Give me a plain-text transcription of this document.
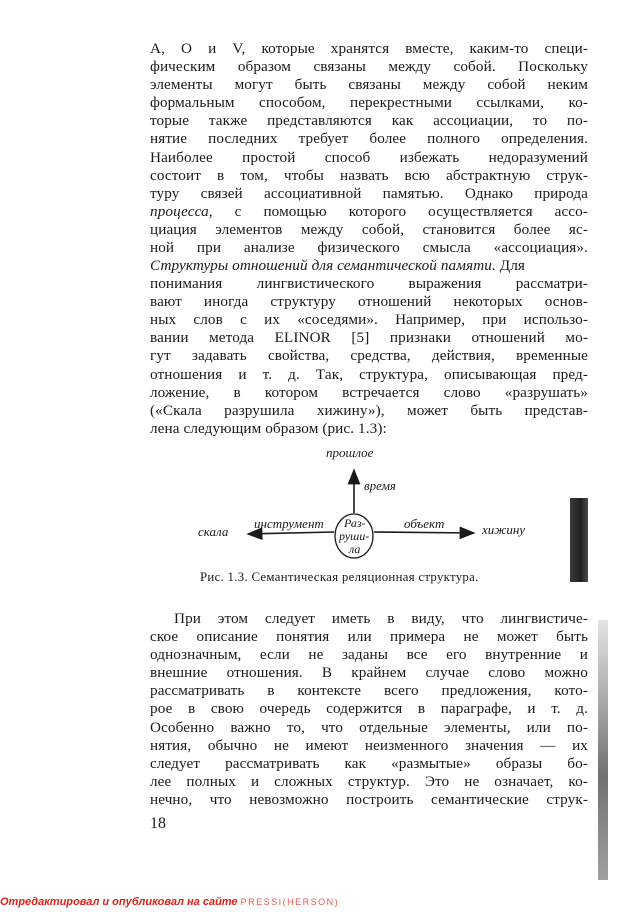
А, О и V, которые хранятся вместе, каким-то специ-
фическим образом связаны между собой. Поскольку
элементы могут быть связаны между собой неким
формальным способом, перекрестными ссылками, ко-
торые также представляются как ассоциации, то по-
нятие последних требует более полного определения.
Наиболее простой способ избежать недоразумений
состоит в том, чтобы назвать всю абстрактную струк-
туру связей ассоциативной памятью. Однако природа
процесса, с помощью которого осуществляется ассо-
циация элементов между собой, становится более яс-
ной при анализе физического смысла «ассоциация».
Структуры отношений для семантической памяти. Для
понимания лингвистического выражения рассматри-
вают иногда структуру отношений некоторых основ-
ных слов с их «соседями». Например, при использо-
вании метода ELINOR [5] признаки отношений мо-
гут задавать свойства, средства, действия, временные
отношения и т. д. Так, структура, описывающая пред-
ложение, в котором встречается слово «разрушать»
(«Скала разрушила хижину»), может быть представ-
лена следующим образом (рис. 1.3):
Раз-
руши-
ла
прошлое
время
скала
инструмент	хижину
объект
Рис. 1.3. Семантическая реляционная структура.
При этом следует иметь в виду, что лингвистиче-
ское описание понятия или примера не может быть
однозначным, если не заданы все его внутренние и
внешние отношения. В крайнем случае слово можно
рассматривать в контексте всего предложения, кото-
рое в свою очередь содержится в параграфе, и т. д.
Особенно важно то, что отдельные элементы, или по-
нятия, обычно не имеют неизменного значения — их
следует рассматривать как «размытые» образы бо-
лее полных и сложных структур. Это не означает, ко-
нечно, что невозможно построить семантические струк-
18
Отредактировал и опубликовал на сайте PRESSI(HERSON)
